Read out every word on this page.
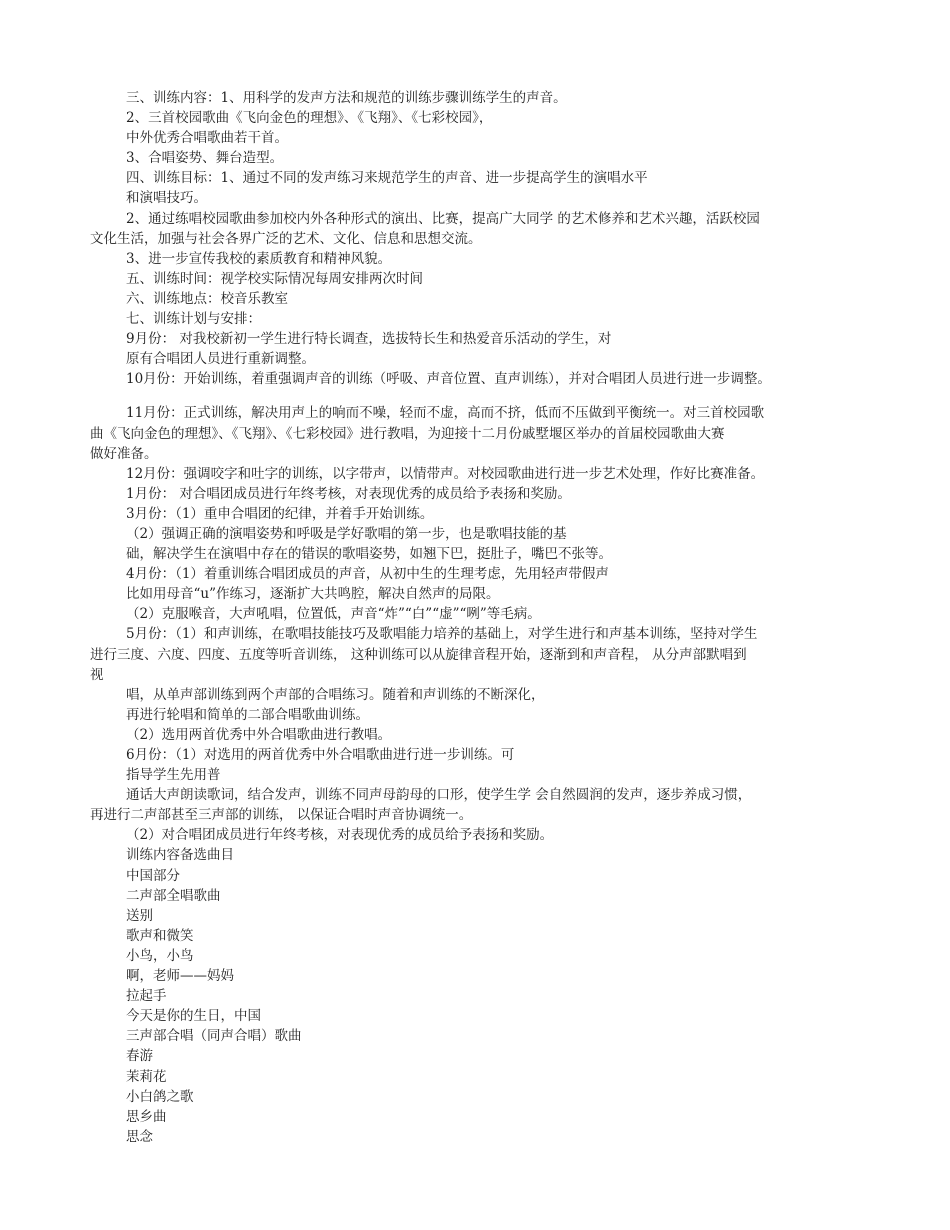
三、训练内容：1、用科学的发声方法和规范的训练步骤训练学生的声音。
2、三首校园歌曲《飞向金色的理想》、《飞翔》、《七彩校园》，
中外优秀合唱歌曲若干首。
3、合唱姿势、舞台造型。
四、训练目标：1、通过不同的发声练习来规范学生的声音、进一步提高学生的演唱水平
和演唱技巧。
2、通过练唱校园歌曲参加校内外各种形式的演出、比赛，提高广大同学 的艺术修养和艺术兴趣，活跃校园
文化生活，加强与社会各界广泛的艺术、文化、信息和思想交流。
3、进一步宣传我校的素质教育和精神风貌。
五、训练时间：视学校实际情况每周安排两次时间
六、训练地点：校音乐教室
七、训练计划与安排：
9月份： 对我校新初一学生进行特长调查，选拔特长生和热爱音乐活动的学生，对
原有合唱团人员进行重新调整。
10月份：开始训练，着重强调声音的训练（呼吸、声音位置、直声训练），并对合唱团人员进行进一步调整。
11月份：正式训练，解决用声上的响而不噪，轻而不虚，高而不挤，低而不压做到平衡统一。对三首校园歌
曲《飞向金色的理想》、《飞翔》、《七彩校园》进行教唱，为迎接十二月份戚墅堰区举办的首届校园歌曲大赛
做好准备。
12月份：强调咬字和吐字的训练，以字带声，以情带声。对校园歌曲进行进一步艺术处理，作好比赛准备。
1月份： 对合唱团成员进行年终考核，对表现优秀的成员给予表扬和奖励。
3月份：（1）重申合唱团的纪律，并着手开始训练。
（2）强调正确的演唱姿势和呼吸是学好歌唱的第一步，也是歌唱技能的基
础，解决学生在演唱中存在的错误的歌唱姿势，如翘下巴，挺肚子，嘴巴不张等。
4月份：（1）着重训练合唱团成员的声音，从初中生的生理考虑，先用轻声带假声
比如用母音“u”作练习，逐渐扩大共鸣腔，解决自然声的局限。
（2）克服喉音，大声吼唱，位置低，声音“炸”“白”“虚”“咧”等毛病。
5月份：（1）和声训练，在歌唱技能技巧及歌唱能力培养的基础上，对学生进行和声基本训练，坚持对学生
进行三度、六度、四度、五度等听音训练， 这种训练可以从旋律音程开始，逐渐到和声音程， 从分声部默唱到
视
唱，从单声部训练到两个声部的合唱练习。随着和声训练的不断深化，
再进行轮唱和简单的二部合唱歌曲训练。
（2）选用两首优秀中外合唱歌曲进行教唱。
6月份：（1）对选用的两首优秀中外合唱歌曲进行进一步训练。可
指导学生先用普
通话大声朗读歌词，结合发声，训练不同声母韵母的口形，使学生学 会自然圆润的发声，逐步养成习惯，
再进行二声部甚至三声部的训练， 以保证合唱时声音协调统一。
（2）对合唱团成员进行年终考核，对表现优秀的成员给予表扬和奖励。
训练内容备选曲目
中国部分
二声部全唱歌曲
送别
歌声和微笑
小鸟，小鸟
啊，老师——妈妈
拉起手
今天是你的生日，中国
三声部合唱（同声合唱）歌曲
春游
茉莉花
小白鸽之歌
思乡曲
思念
